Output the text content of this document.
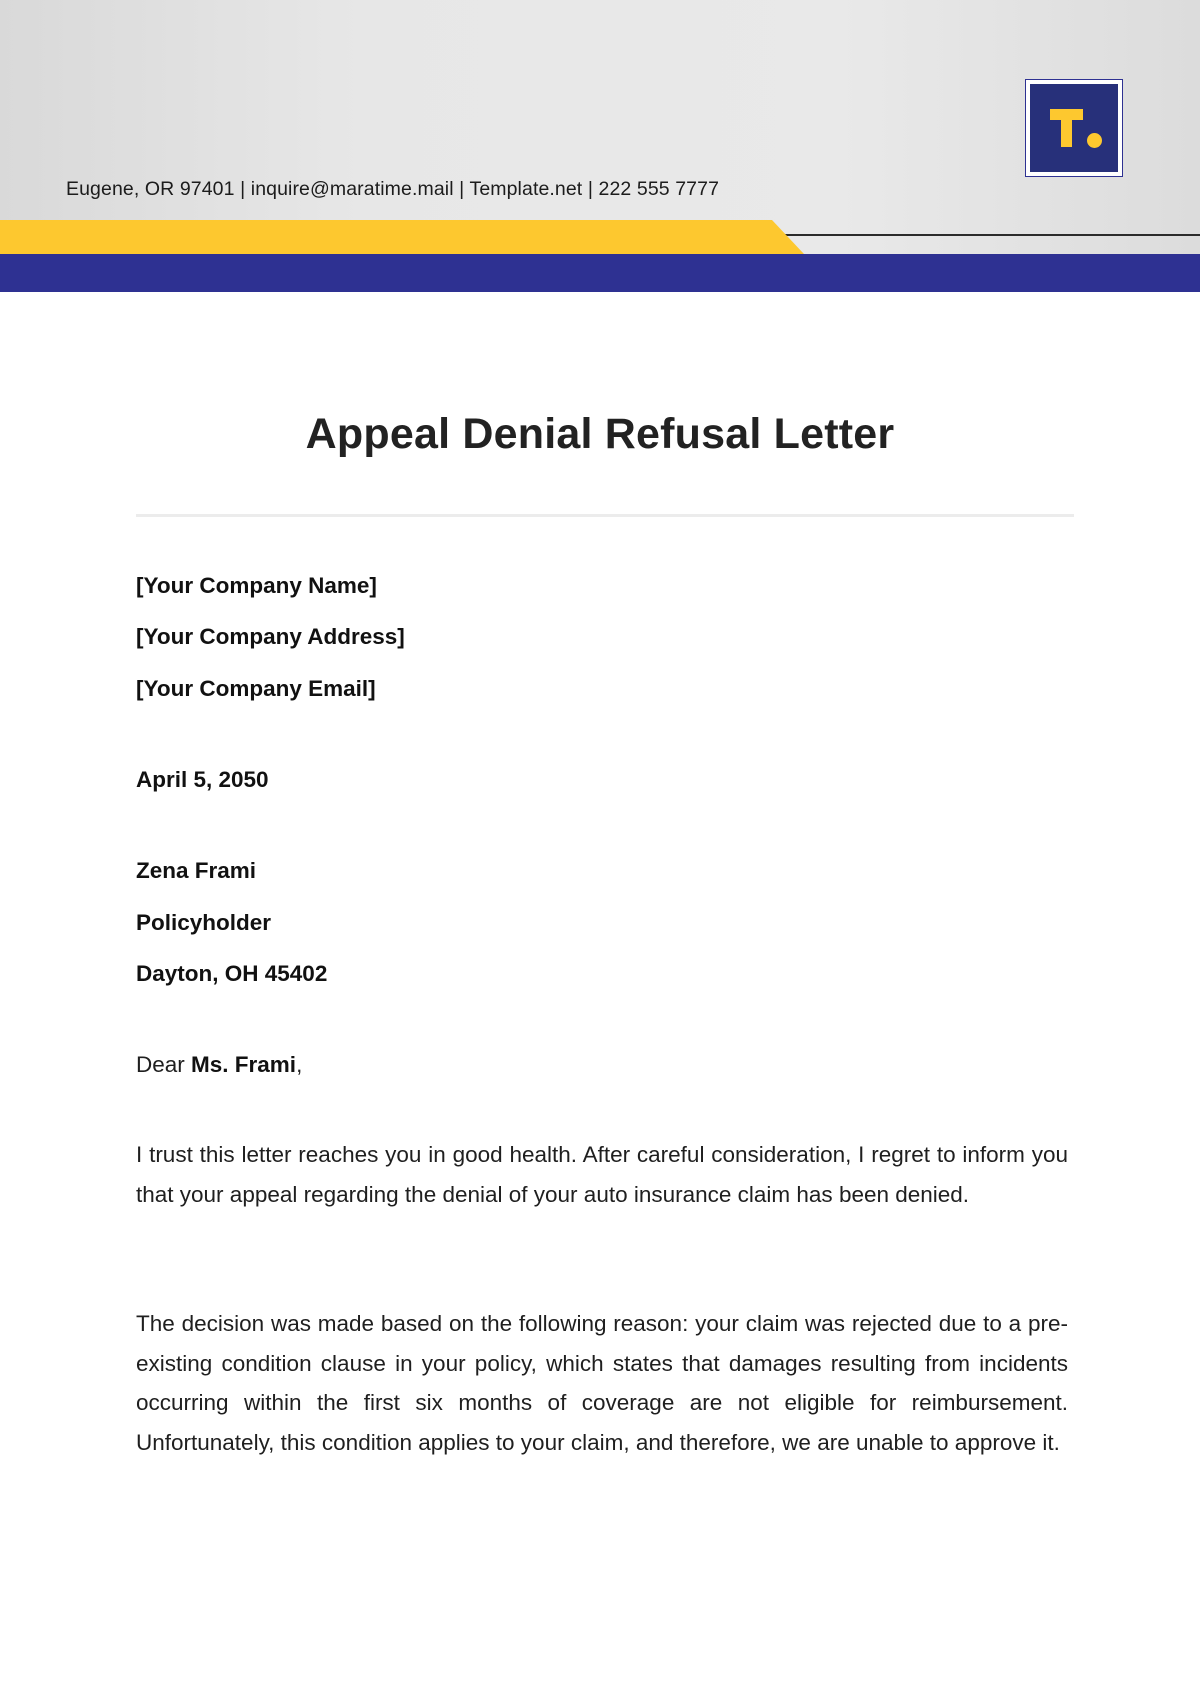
Eugene, OR 97401 | inquire@maratime.mail | Template.net | 222 555 7777
Appeal Denial Refusal Letter
[Your Company Name]
[Your Company Address]
[Your Company Email]
April 5, 2050
Zena Frami
Policyholder
Dayton, OH 45402
Dear Ms. Frami,

I trust this letter reaches you in good health. After careful consideration, I regret to inform you that your appeal regarding the denial of your auto insurance claim has been denied.

The decision was made based on the following reason: your claim was rejected due to a pre-existing condition clause in your policy, which states that damages resulting from incidents occurring within the first six months of coverage are not eligible for reimbursement. Unfortunately, this condition applies to your claim, and therefore, we are unable to approve it.
